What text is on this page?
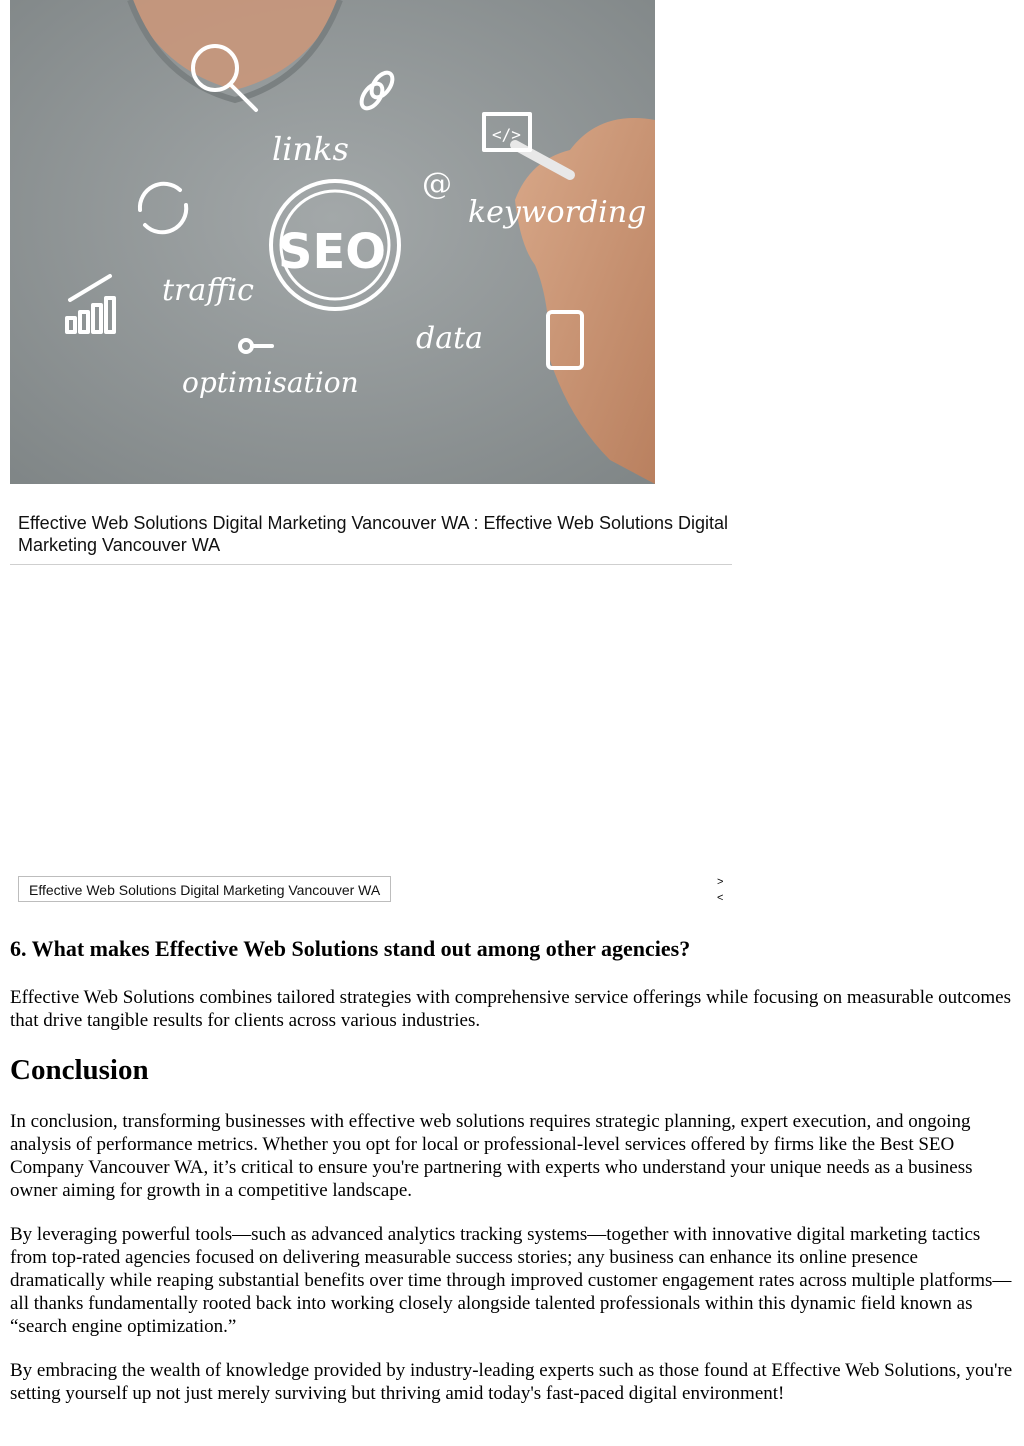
SEO
links
keywording
traffic
data
optimisation
@
</>
Effective Web Solutions Digital Marketing Vancouver WA : Effective Web Solutions Digital Marketing Vancouver WA
Effective Web Solutions Digital Marketing Vancouver WA	>
<
6. What makes Effective Web Solutions stand out among other agencies?

Effective Web Solutions combines tailored strategies with comprehensive service offerings while focusing on measurable outcomes that drive tangible results for clients across various industries.

Conclusion

In conclusion, transforming businesses with effective web solutions requires strategic planning, expert execution, and ongoing analysis of performance metrics. Whether you opt for local or professional-level services offered by firms like the Best SEO Company Vancouver WA, it’s critical to ensure you're partnering with experts who understand your unique needs as a business owner aiming for growth in a competitive landscape.

By leveraging powerful tools—such as advanced analytics tracking systems—together with innovative digital marketing tactics from top-rated agencies focused on delivering measurable success stories; any business can enhance its online presence dramatically while reaping substantial benefits over time through improved customer engagement rates across multiple platforms—all thanks fundamentally rooted back into working closely alongside talented professionals within this dynamic field known as “search engine optimization.”

By embracing the wealth of knowledge provided by industry-leading experts such as those found at Effective Web Solutions, you're setting yourself up not just merely surviving but thriving amid today's fast-paced digital environment!
